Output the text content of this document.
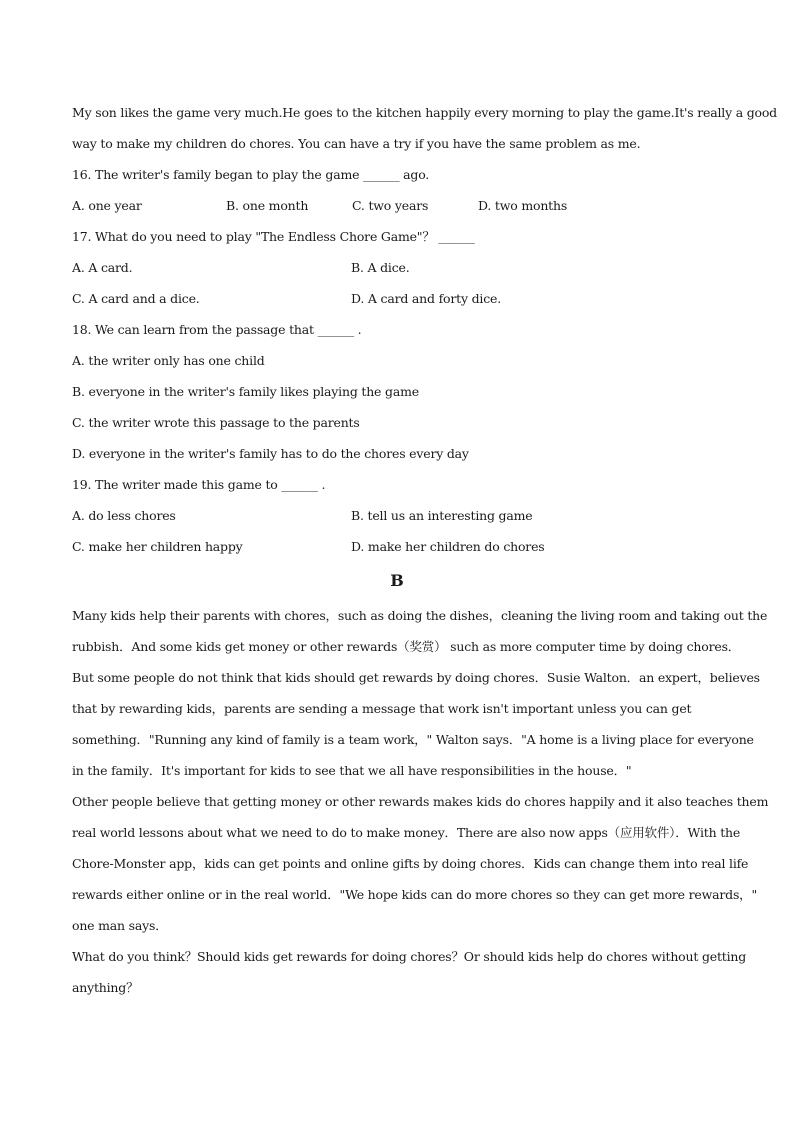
My son likes the game very much.He goes to the kitchen happily every morning to play the game.It's really a good
way to make my children do chores. You can have a try if you have the same problem as me.
16. The writer's family began to play the game ______ ago.
A. one year	B. one month	C. two years	D. two months
17. What do you need to play "The Endless Chore Game"？ ______
A. A card.	B. A dice.
C. A card and a dice.	D. A card and forty dice.
18. We can learn from the passage that ______ .
A. the writer only has one child
B. everyone in the writer's family likes playing the game
C. the writer wrote this passage to the parents
D. everyone in the writer's family has to do the chores every day
19. The writer made this game to ______ .
A. do less chores	B. tell us an interesting game
C. make her children happy	D. make her children do chores
B
Many kids help their parents with chores，such as doing the dishes，cleaning the living room and taking out the
rubbish．And some kids get money or other rewards（奖赏） such as more computer time by doing chores．
But some people do not think that kids should get rewards by doing chores．Susie Walton．an expert，believes
that by rewarding kids，parents are sending a message that work isn't important unless you can get
something．"Running any kind of family is a team work，" Walton says．"A home is a living place for everyone
in the family．It's important for kids to see that we all have responsibilities in the house．"
Other people believe that getting money or other rewards makes kids do chores happily and it also teaches them
real world lessons about what we need to do to make money．There are also now apps（应用软件）．With the
Chore-Monster app，kids can get points and online gifts by doing chores．Kids can change them into real life
rewards either online or in the real world．"We hope kids can do more chores so they can get more rewards，"
one man says．
What do you think？Should kids get rewards for doing chores？Or should kids help do chores without getting
anything？
